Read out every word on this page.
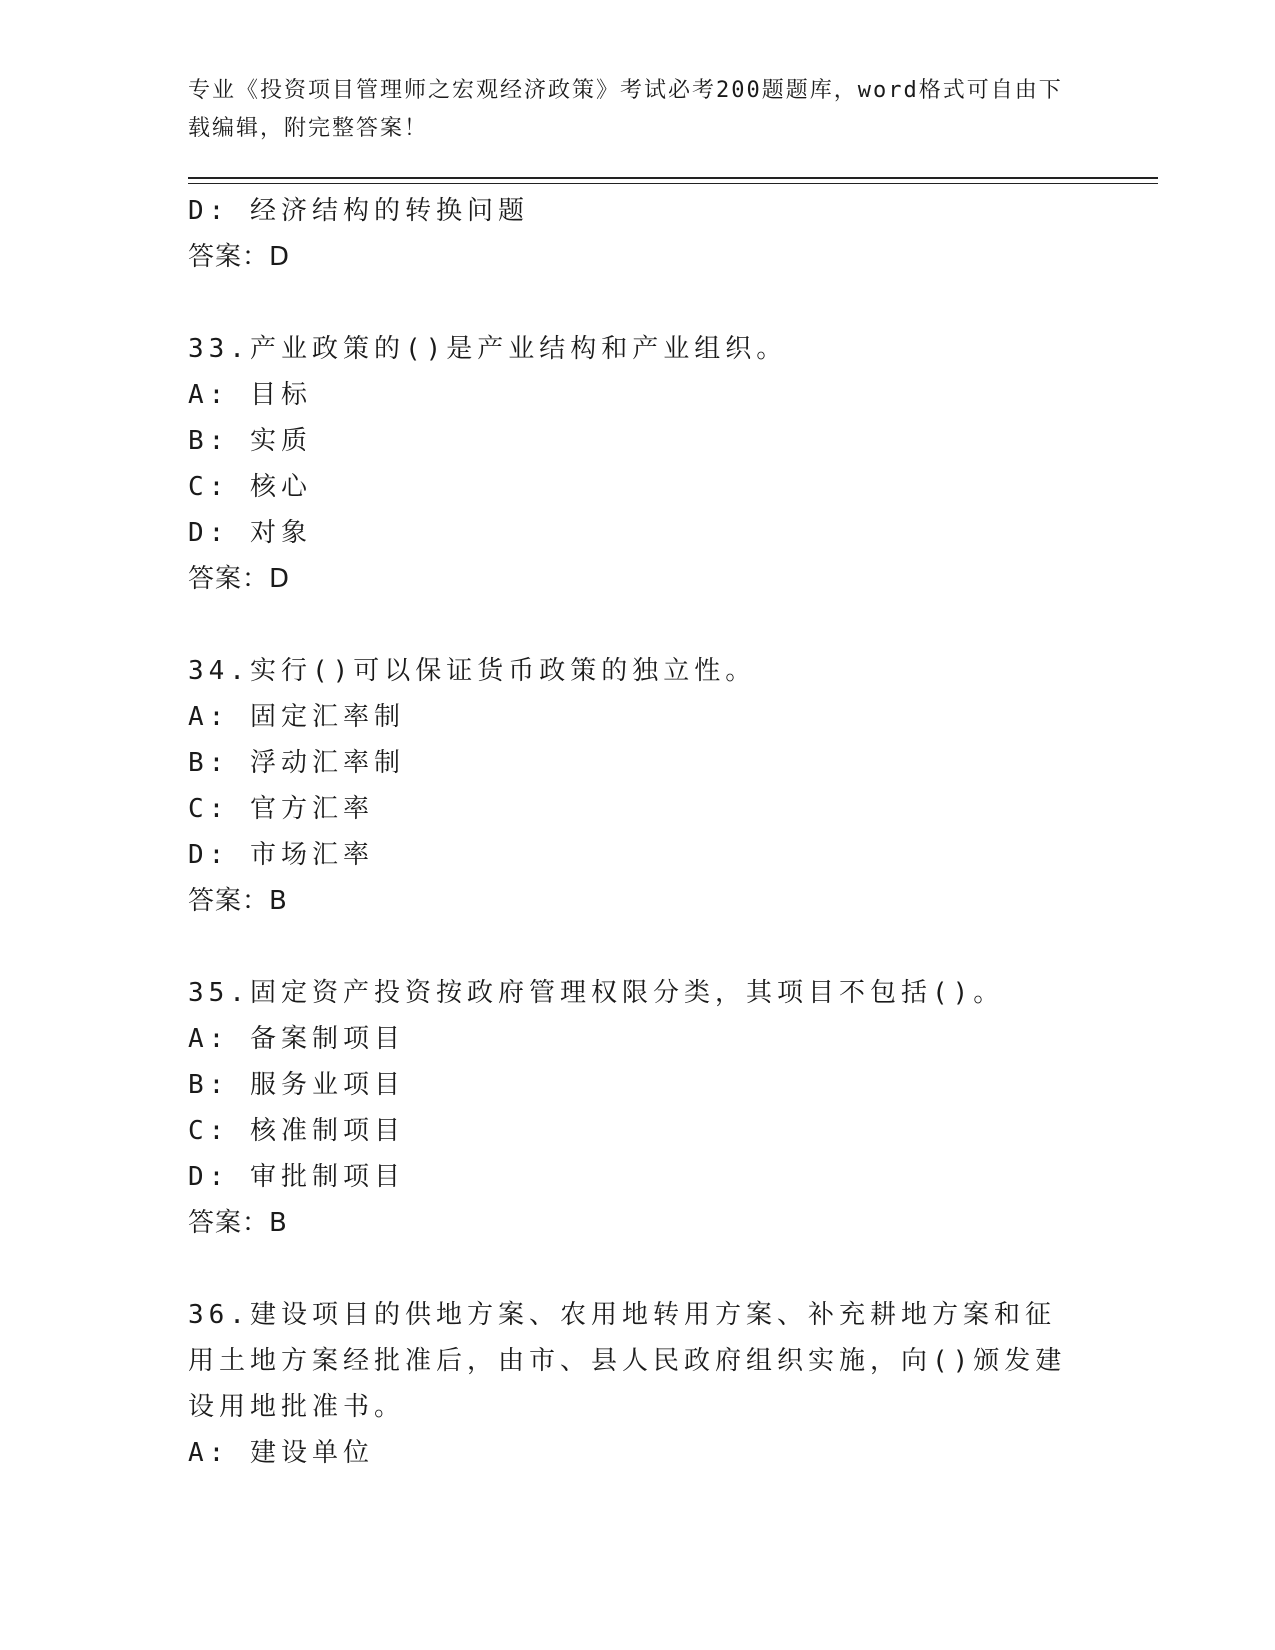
专业《投资项目管理师之宏观经济政策》考试必考200题题库，word格式可自由下载编辑，附完整答案！
D: 经济结构的转换问题
答案：D
33.产业政策的()是产业结构和产业组织。
A: 目标
B: 实质
C: 核心
D: 对象
答案：D
34.实行()可以保证货币政策的独立性。
A: 固定汇率制
B: 浮动汇率制
C: 官方汇率
D: 市场汇率
答案：B
35.固定资产投资按政府管理权限分类，其项目不包括()。
A: 备案制项目
B: 服务业项目
C: 核准制项目
D: 审批制项目
答案：B
36.建设项目的供地方案、农用地转用方案、补充耕地方案和征用土地方案经批准后，由市、县人民政府组织实施，向()颁发建设用地批准书。
A: 建设单位
